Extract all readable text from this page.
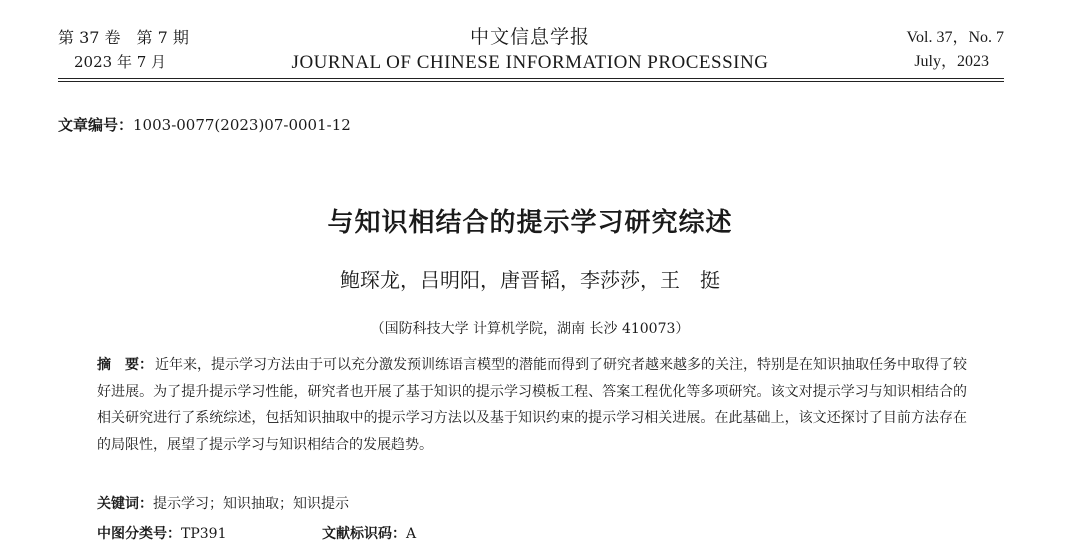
第 37 卷　第 7 期
2023 年 7 月
中文信息学报
JOURNAL OF CHINESE INFORMATION PROCESSING
Vol. 37，No. 7
July，2023
文章编号：1003-0077(2023)07-0001-12
与知识相结合的提示学习研究综述
鲍琛龙，吕明阳，唐晋韬，李莎莎，王　挺
（国防科技大学 计算机学院，湖南 长沙 410073）
摘　要： 近年来，提示学习方法由于可以充分激发预训练语言模型的潜能而得到了研究者越来越多的关注，特别是在知识抽取任务中取得了较好进展。为了提升提示学习性能，研究者也开展了基于知识的提示学习模板工程、答案工程优化等多项研究。该文对提示学习与知识相结合的相关研究进行了系统综述，包括知识抽取中的提示学习方法以及基于知识约束的提示学习相关进展。在此基础上，该文还探讨了目前方法存在的局限性，展望了提示学习与知识相结合的发展趋势。
关键词：提示学习；知识抽取；知识提示
中图分类号：TP391	文献标识码：A
